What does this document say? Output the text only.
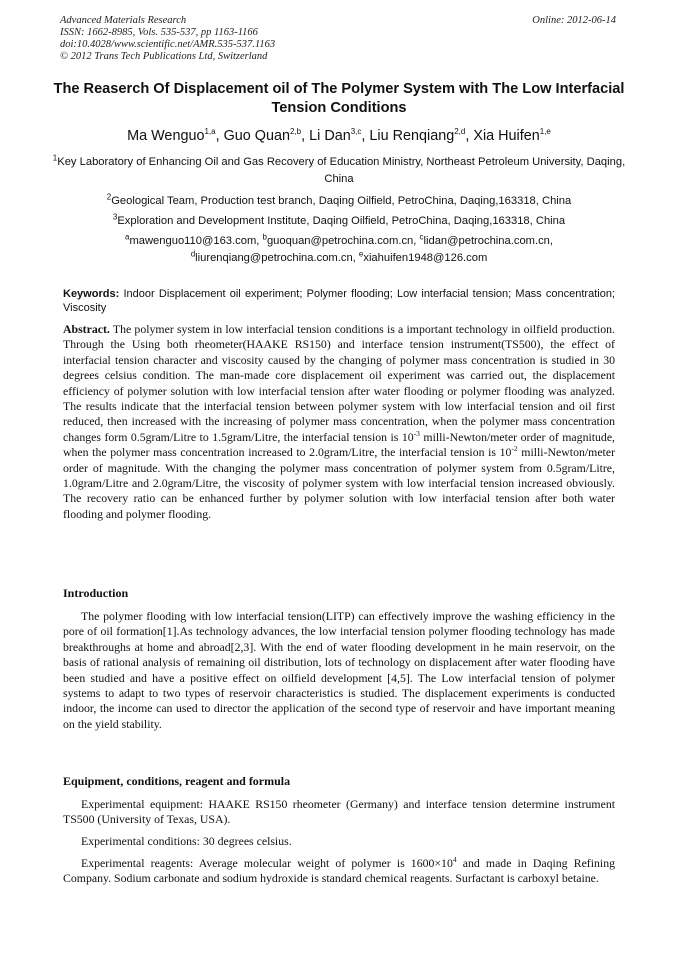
Advanced Materials Research
ISSN: 1662-8985, Vols. 535-537, pp 1163-1166
doi:10.4028/www.scientific.net/AMR.535-537.1163
© 2012 Trans Tech Publications Ltd, Switzerland
Online: 2012-06-14
The Reaserch Of Displacement oil of The Polymer System with The Low Interfacial Tension Conditions
Ma Wenguo$^{1,a}$, Guo Quan$^{2,b}$, Li Dan$^{3,c}$, Liu Renqiang$^{2,d}$, Xia Huifen$^{1,e}$
$^1$Key Laboratory of Enhancing Oil and Gas Recovery of Education Ministry, Northeast Petroleum University, Daqing, China
$^2$Geological Team, Production test branch, Daqing Oilfield, PetroChina, Daqing,163318, China
$^3$Exploration and Development Institute, Daqing Oilfield, PetroChina, Daqing,163318, China
$^a$mawenguo110@163.com, $^b$guoquan@petrochina.com.cn, $^c$lidan@petrochina.com.cn,
$^d$liurenqiang@petrochina.com.cn, $^e$xiahuifen1948@126.com
Keywords: Indoor Displacement oil experiment; Polymer flooding; Low interfacial tension; Mass concentration; Viscosity
Abstract. The polymer system in low interfacial tension conditions is a important technology in oilfield production. Through the Using both rheometer(HAAKE RS150) and interface tension instrument(TS500), the effect of interfacial tension character and viscosity caused by the changing of polymer mass concentration is studied in 30 degrees celsius condition. The man-made core displacement oil experiment was carried out, the displacement efficiency of polymer solution with low interfacial tension after water flooding or polymer flooding was analyzed. The results indicate that the interfacial tension between polymer system with low interfacial tension and oil first reduced, then increased with the increasing of polymer mass concentration, when the polymer mass concentration changes form 0.5gram/Litre to 1.5gram/Litre, the interfacial tension is $10^{-3}$ milli-Newton/meter order of magnitude, when the polymer mass concentration increased to 2.0gram/Litre, the interfacial tension is $10^{-2}$ milli-Newton/meter order of magnitude. With the changing the polymer mass concentration of polymer system from 0.5gram/Litre, 1.0gram/Litre and 2.0gram/Litre, the viscosity of polymer system with low interfacial tension increased obviously. The recovery ratio can be enhanced further by polymer solution with low interfacial tension after both water flooding and polymer flooding.
Introduction
The polymer flooding with low interfacial tension(LITP) can effectively improve the washing efficiency in the pore of oil formation[1].As technology advances, the low interfacial tension polymer flooding technology has made breakthroughs at home and abroad[2,3]. With the end of water flooding development in he main reservoir, on the basis of rational analysis of remaining oil distribution, lots of technology on displacement after water flooding have been studied and have a positive effect on oilfield development [4,5]. The Low interfacial tension of polymer systems to adapt to two types of reservoir characteristics is studied. The displacement experiments is conducted indoor, the income can used to director the application of the second type of reservoir and have important meaning on the yield stability.
Equipment, conditions, reagent and formula
Experimental equipment: HAAKE RS150 rheometer (Germany) and interface tension determine instrument TS500 (University of Texas, USA).
Experimental conditions: 30 degrees celsius.
Experimental reagents: Average molecular weight of polymer is $1600\times 10^4$ and made in Daqing Refining Company. Sodium carbonate and sodium hydroxide is standard chemical reagents. Surfactant is carboxyl betaine.
